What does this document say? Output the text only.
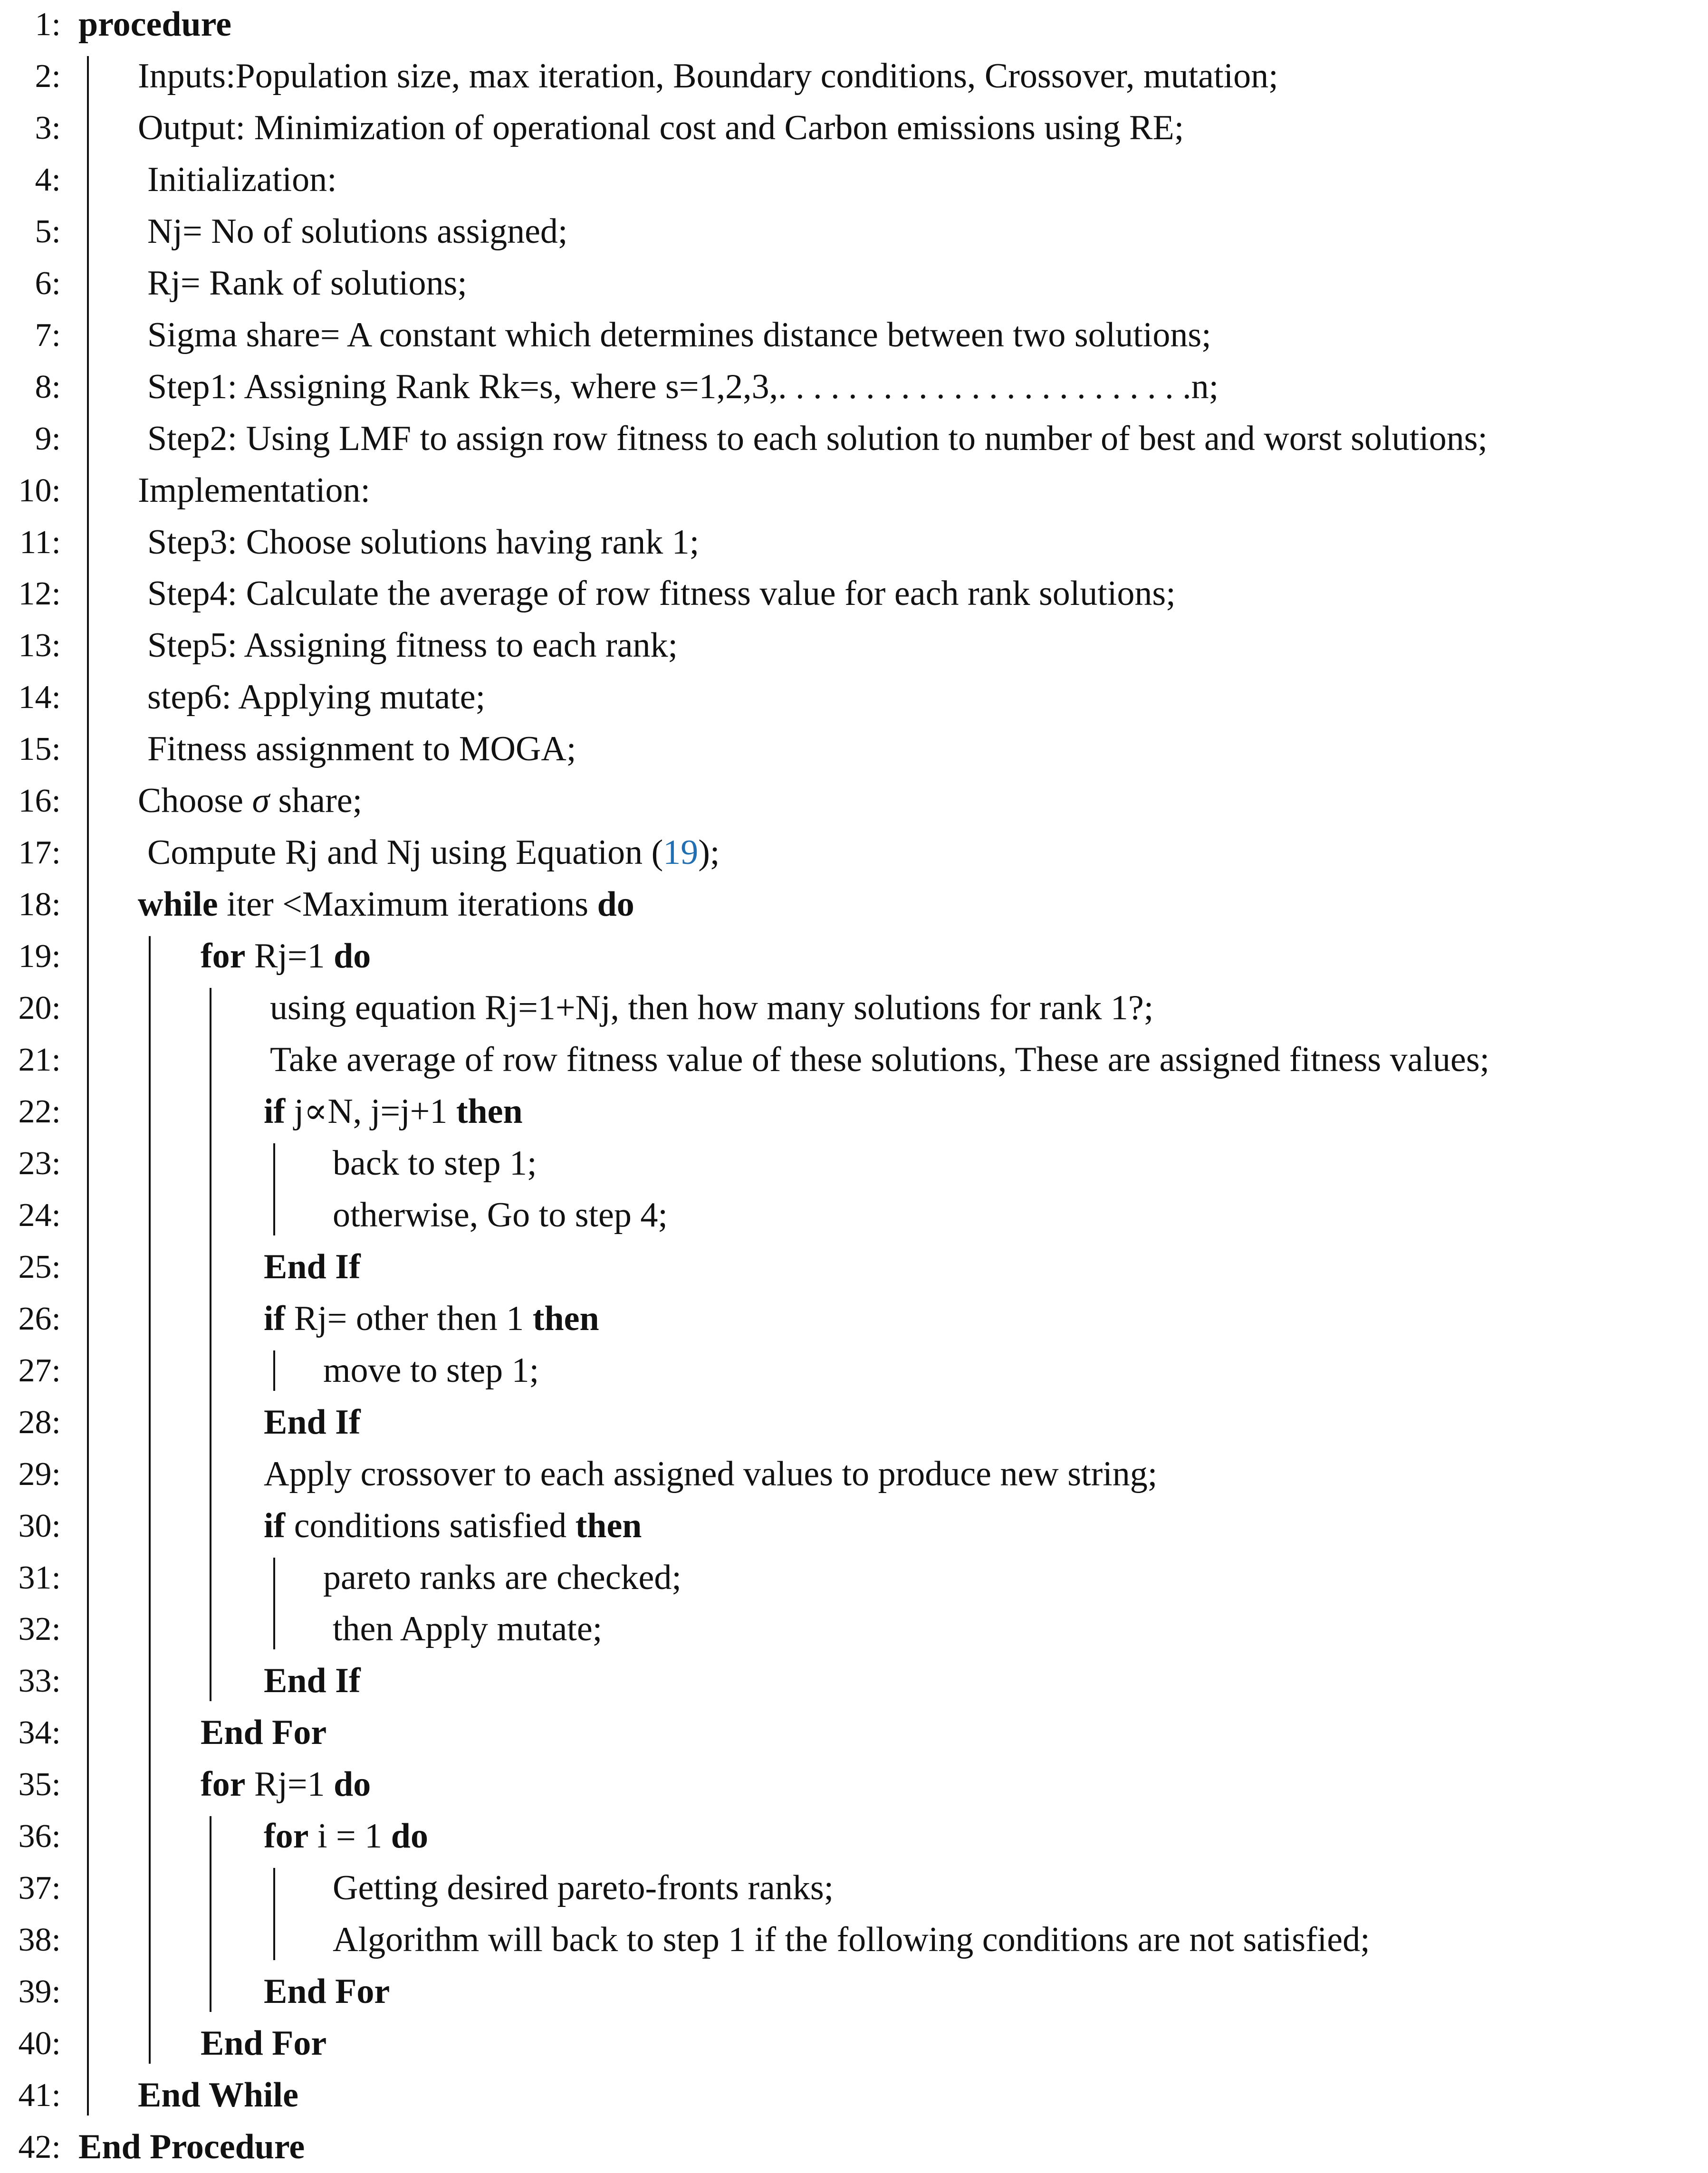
1: procedure
2: Inputs:Population size, max iteration, Boundary conditions, Crossover, mutation;
3: Output: Minimization of operational cost and Carbon emissions using RE;
4: Initialization:
5: Nj= No of solutions assigned;
6: Rj= Rank of solutions;
7: Sigma share= A constant which determines distance between two solutions;
8: Step1: Assigning Rank Rk=s, where s=1,2,3,. . . . . . . . . . . . . . . . . . . . . . . .n;
9: Step2: Using LMF to assign row fitness to each solution to number of best and worst solutions;
10: Implementation:
11: Step3: Choose solutions having rank 1;
12: Step4: Calculate the average of row fitness value for each rank solutions;
13: Step5: Assigning fitness to each rank;
14: step6: Applying mutate;
15: Fitness assignment to MOGA;
16: Choose σ share;
17: Compute Rj and Nj using Equation (19);
18: while iter <Maximum iterations do
19:	for Rj=1 do
20:	using equation Rj=1+Nj, then how many solutions for rank 1?;
21:	Take average of row fitness value of these solutions, These are assigned fitness values;
22:	if j∝N, j=j+1 then
23:	back to step 1;
24:	otherwise, Go to step 4;
25:	End If
26:	if Rj= other then 1 then
27:	move to step 1;
28:	End If
29:	Apply crossover to each assigned values to produce new string;
30:	if conditions satisfied then
31:	pareto ranks are checked;
32:	then Apply mutate;
33:	End If
34:	End For
35:	for Rj=1 do
36:	for i = 1 do
37:	Getting desired pareto-fronts ranks;
38:	Algorithm will back to step 1 if the following conditions are not satisfied;
39:	End For
40:	End For
41: End While
42: End Procedure
